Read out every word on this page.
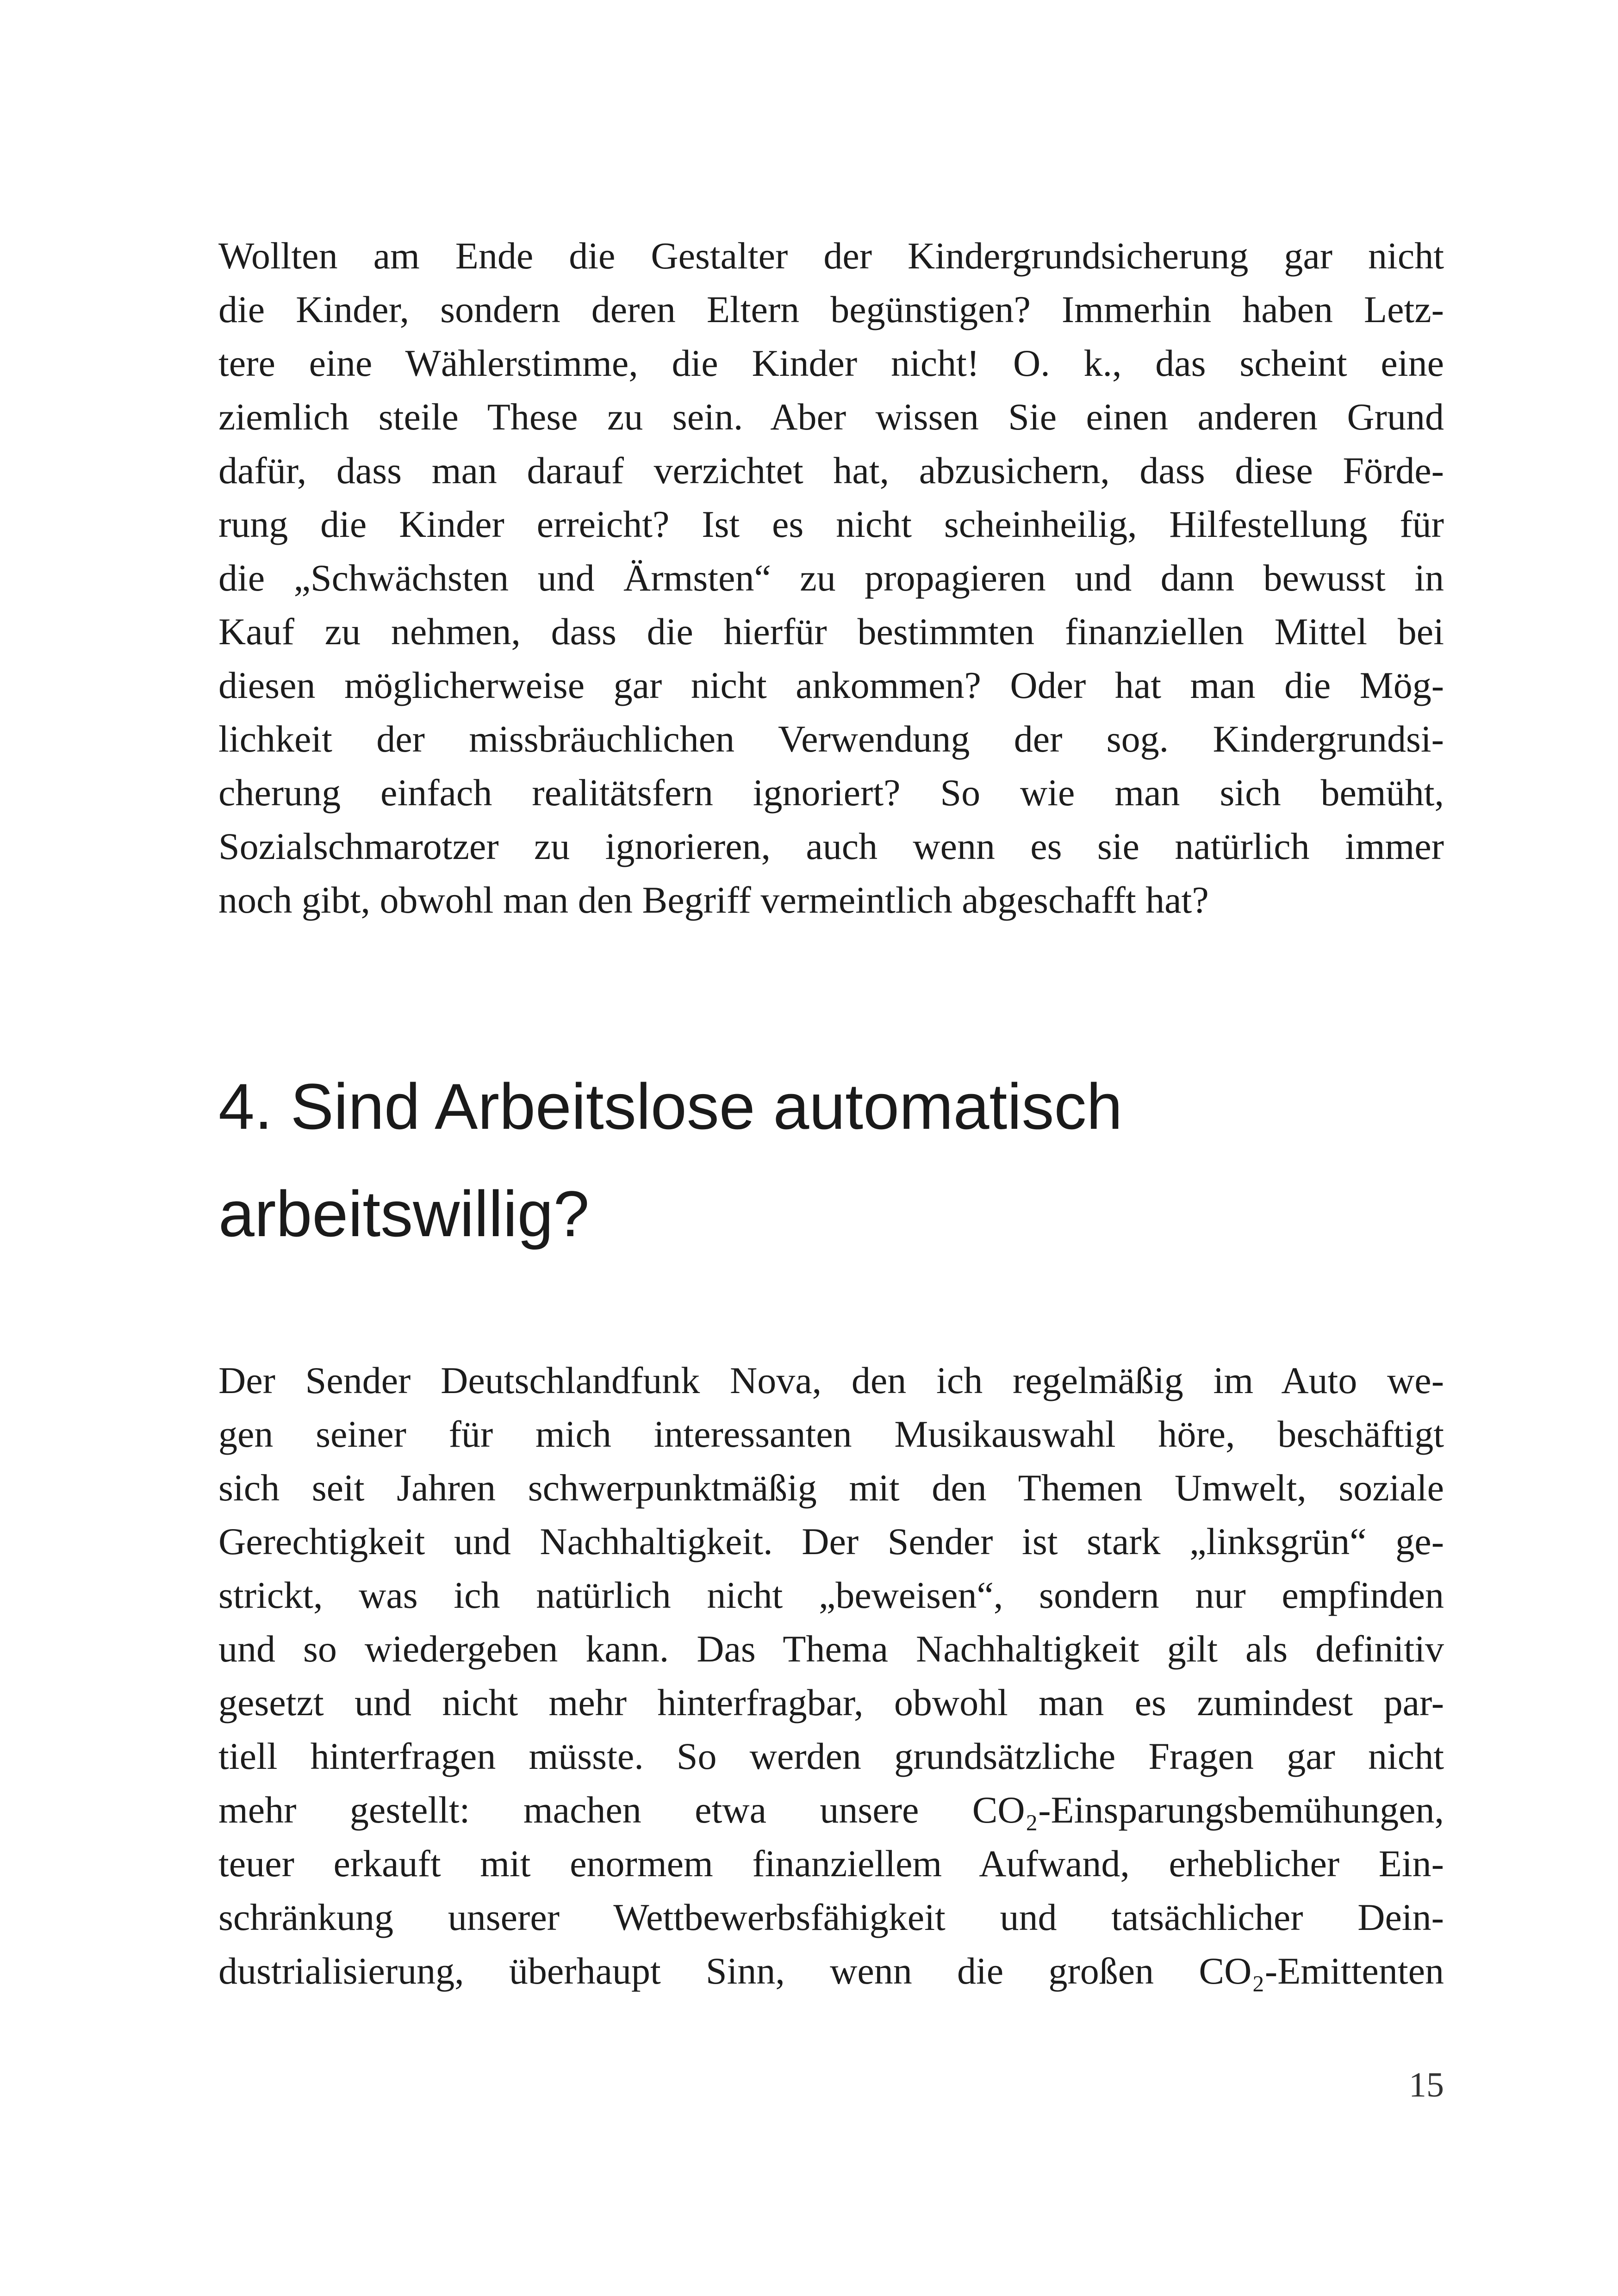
Wollten am Ende die Gestalter der Kindergrundsicherung gar nicht
die Kinder, sondern deren Eltern begünstigen? Immerhin haben Letz-
tere eine Wählerstimme, die Kinder nicht! O. k., das scheint eine
ziemlich steile These zu sein. Aber wissen Sie einen anderen Grund
dafür, dass man darauf verzichtet hat, abzusichern, dass diese Förde-
rung die Kinder erreicht? Ist es nicht scheinheilig, Hilfestellung für
die „Schwächsten und Ärmsten“ zu propagieren und dann bewusst in
Kauf zu nehmen, dass die hierfür bestimmten finanziellen Mittel bei
diesen möglicherweise gar nicht ankommen? Oder hat man die Mög-
lichkeit der missbräuchlichen Verwendung der sog. Kindergrundsi-
cherung einfach realitätsfern ignoriert? So wie man sich bemüht,
Sozialschmarotzer zu ignorieren, auch wenn es sie natürlich immer
noch gibt, obwohl man den Begriff vermeintlich abgeschafft hat?
4. Sind Arbeitslose automatisch
arbeitswillig?
Der Sender Deutschlandfunk Nova, den ich regelmäßig im Auto we-
gen seiner für mich interessanten Musikauswahl höre, beschäftigt
sich seit Jahren schwerpunktmäßig mit den Themen Umwelt, soziale
Gerechtigkeit und Nachhaltigkeit. Der Sender ist stark „linksgrün“ ge-
strickt, was ich natürlich nicht „beweisen“, sondern nur empfinden
und so wiedergeben kann. Das Thema Nachhaltigkeit gilt als definitiv
gesetzt und nicht mehr hinterfragbar, obwohl man es zumindest par-
tiell hinterfragen müsste. So werden grundsätzliche Fragen gar nicht
mehr gestellt: machen etwa unsere CO₂-Einsparungsbemühungen,
teuer erkauft mit enormem finanziellem Aufwand, erheblicher Ein-
schränkung unserer Wettbewerbsfähigkeit und tatsächlicher Dein-
dustrialisierung, überhaupt Sinn, wenn die großen CO₂-Emittenten
15
